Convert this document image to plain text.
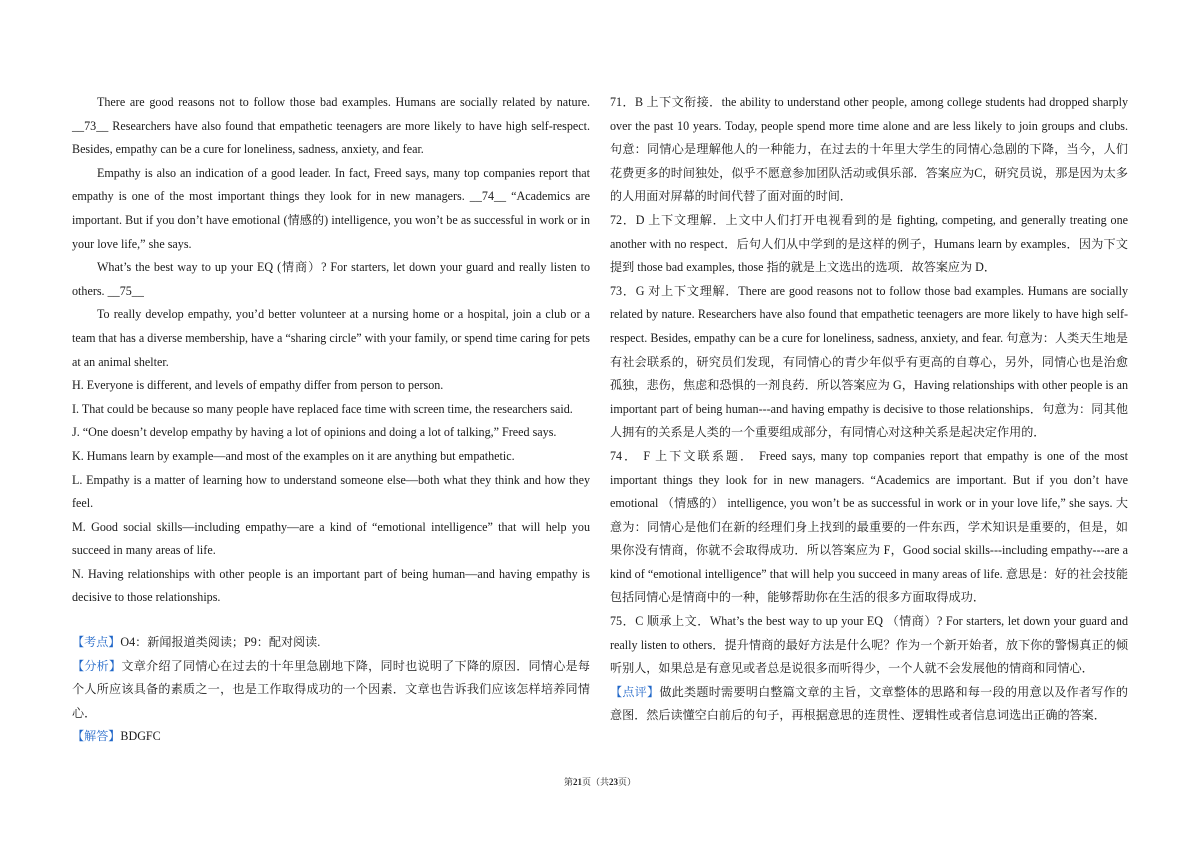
There are good reasons not to follow those bad examples. Humans are socially related by nature. __73__ Researchers have also found that empathetic teenagers are more likely to have high self-respect. Besides, empathy can be a cure for loneliness, sadness, anxiety, and fear.

Empathy is also an indication of a good leader. In fact, Freed says, many top companies report that empathy is one of the most important things they look for in new managers. __74__ “Academics are important. But if you don’t have emotional (情感的) intelligence, you won’t be as successful in work or in your love life,” she says.

What’s the best way to up your EQ (情商）? For starters, let down your guard and really listen to others. __75__

To really develop empathy, you’d better volunteer at a nursing home or a hospital, join a club or a team that has a diverse membership, have a “sharing circle” with your family, or spend time caring for pets at an animal shelter.

H. Everyone is different, and levels of empathy differ from person to person.

I. That could be because so many people have replaced face time with screen time, the researchers said.

J. “One doesn’t develop empathy by having a lot of opinions and doing a lot of talking,” Freed says.

K. Humans learn by example—and most of the examples on it are anything but empathetic.

L. Empathy is a matter of learning how to understand someone else—both what they think and how they feel.

M. Good social skills—including empathy—are a kind of “emotional intelligence” that will help you succeed in many areas of life.

N. Having relationships with other people is an important part of being human—and having empathy is decisive to those relationships.

【考点】O4：新闻报道类阅读；P9：配对阅读.

【分析】文章介绍了同情心在过去的十年里急剧地下降，同时也说明了下降的原因．同情心是每个人所应该具备的素质之一，也是工作取得成功的一个因素．文章也告诉我们应该怎样培养同情心．

【解答】BDGFC

71．B 上下文衔接．the ability to understand other people, among college students had dropped sharply over the past 10 years. Today, people spend more time alone and are less likely to join groups and clubs. 句意：同情心是理解他人的一种能力，在过去的十年里大学生的同情心急剧的下降，当今，人们花费更多的时间独处，似乎不愿意参加团队活动或俱乐部．答案应为C，研究员说，那是因为太多的人用面对屏幕的时间代替了面对面的时间．

72．D 上下文理解．上文中人们打开电视看到的是 fighting, competing, and generally treating one another with no respect．后句人们从中学到的是这样的例子，Humans learn by examples．因为下文提到 those bad examples, those 指的就是上文选出的选项．故答案应为 D．

73．G 对上下文理解．There are good reasons not to follow those bad examples. Humans are socially related by nature. Researchers have also found that empathetic teenagers are more likely to have high self-respect. Besides, empathy can be a cure for loneliness, sadness, anxiety, and fear. 句意为：人类天生地是有社会联系的，研究员们发现，有同情心的青少年似乎有更高的自尊心，另外，同情心也是治愈孤独，悲伤，焦虑和恐惧的一剂良药．所以答案应为 G，Having relationships with other people is an important part of being human---and having empathy is decisive to those relationships．句意为：同其他人拥有的关系是人类的一个重要组成部分，有同情心对这种关系是起决定作用的．

74． F 上下文联系题． Freed says, many top companies report that empathy is one of the most important things they look for in new managers. “Academics are important. But if you don’t have emotional （情感的） intelligence, you won’t be as successful in work or in your love life,” she says. 大意为：同情心是他们在新的经理们身上找到的最重要的一件东西，学术知识是重要的，但是，如果你没有情商，你就不会取得成功．所以答案应为 F，Good social skills---including empathy---are a kind of “emotional intelligence” that will help you succeed in many areas of life. 意思是：好的社会技能包括同情心是情商中的一种，能够帮助你在生活的很多方面取得成功．

75．C 顺承上文．What’s the best way to up your EQ （情商）? For starters, let down your guard and really listen to others．提升情商的最好方法是什么呢？作为一个新开始者，放下你的警惕真正的倾听别人，如果总是有意见或者总是说很多而听得少，一个人就不会发展他的情商和同情心．

【点评】做此类题时需要明白整篇文章的主旨，文章整体的思路和每一段的用意以及作者写作的意图．然后读懂空白前后的句子，再根据意思的连贯性、逻辑性或者信息词选出正确的答案．

第21页（共23页）
